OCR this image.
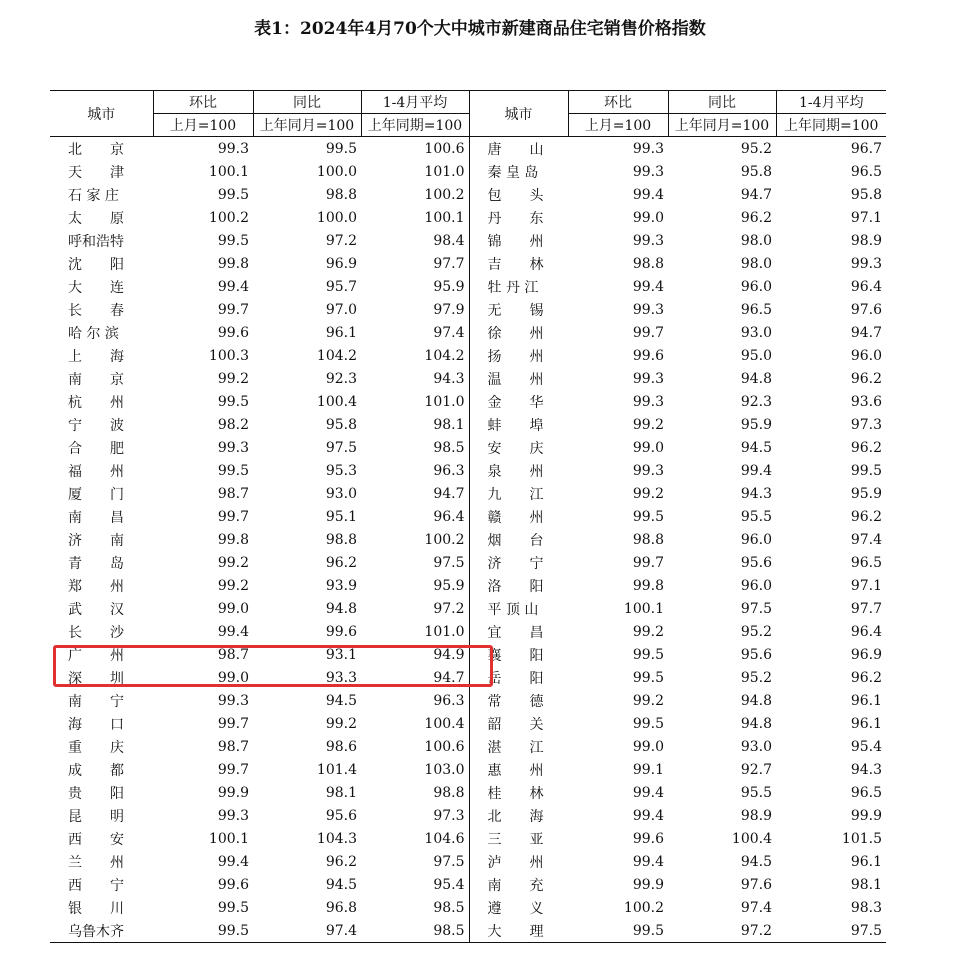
表1：2024年4月70个大中城市新建商品住宅销售价格指数
城市	环比	同比	1-4月平均	城市	环比	同比	1-4月平均
	上月=100	上年同月=100	上年同期=100		上月=100	上年同月=100	上年同期=100
北　　京	99.3	99.5	100.6	唐　　山	99.3	95.2	96.7
天　　津	100.1	100.0	101.0	秦 皇 岛	99.3	95.8	96.5
石 家 庄	99.5	98.8	100.2	包　　头	99.4	94.7	95.8
太　　原	100.2	100.0	100.1	丹　　东	99.0	96.2	97.1
呼和浩特	99.5	97.2	98.4	锦　　州	99.3	98.0	98.9
沈　　阳	99.8	96.9	97.7	吉　　林	98.8	98.0	99.3
大　　连	99.4	95.7	95.9	牡 丹 江	99.4	96.0	96.4
长　　春	99.7	97.0	97.9	无　　锡	99.3	96.5	97.6
哈 尔 滨	99.6	96.1	97.4	徐　　州	99.7	93.0	94.7
上　　海	100.3	104.2	104.2	扬　　州	99.6	95.0	96.0
南　　京	99.2	92.3	94.3	温　　州	99.3	94.8	96.2
杭　　州	99.5	100.4	101.0	金　　华	99.3	92.3	93.6
宁　　波	98.2	95.8	98.1	蚌　　埠	99.2	95.9	97.3
合　　肥	99.3	97.5	98.5	安　　庆	99.0	94.5	96.2
福　　州	99.5	95.3	96.3	泉　　州	99.3	99.4	99.5
厦　　门	98.7	93.0	94.7	九　　江	99.2	94.3	95.9
南　　昌	99.7	95.1	96.4	赣　　州	99.5	95.5	96.2
济　　南	99.8	98.8	100.2	烟　　台	98.8	96.0	97.4
青　　岛	99.2	96.2	97.5	济　　宁	99.7	95.6	96.5
郑　　州	99.2	93.9	95.9	洛　　阳	99.8	96.0	97.1
武　　汉	99.0	94.8	97.2	平 顶 山	100.1	97.5	97.7
长　　沙	99.4	99.6	101.0	宜　　昌	99.2	95.2	96.4
广　　州	98.7	93.1	94.9	襄　　阳	99.5	95.6	96.9
深　　圳	99.0	93.3	94.7	岳　　阳	99.5	95.2	96.2
南　　宁	99.3	94.5	96.3	常　　德	99.2	94.8	96.1
海　　口	99.7	99.2	100.4	韶　　关	99.5	94.8	96.1
重　　庆	98.7	98.6	100.6	湛　　江	99.0	93.0	95.4
成　　都	99.7	101.4	103.0	惠　　州	99.1	92.7	94.3
贵　　阳	99.9	98.1	98.8	桂　　林	99.4	95.5	96.5
昆　　明	99.3	95.6	97.3	北　　海	99.4	98.9	99.9
西　　安	100.1	104.3	104.6	三　　亚	99.6	100.4	101.5
兰　　州	99.4	96.2	97.5	泸　　州	99.4	94.5	96.1
西　　宁	99.6	94.5	95.4	南　　充	99.9	97.6	98.1
银　　川	99.5	96.8	98.5	遵　　义	100.2	97.4	98.3
乌鲁木齐	99.5	97.4	98.5	大　　理	99.5	97.2	97.5
